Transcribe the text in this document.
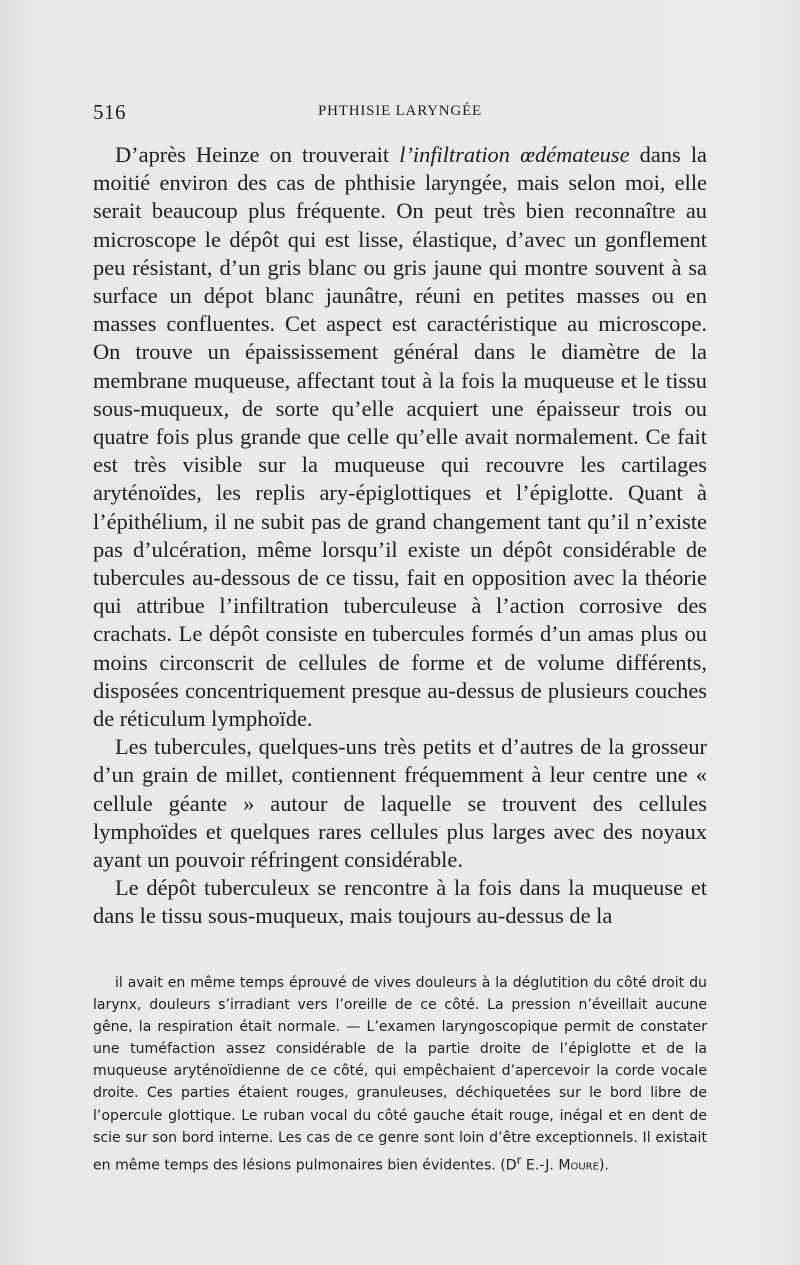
516	PHTHISIE LARYNGÉE

D’après Heinze on trouverait l’infiltration œdémateuse dans la moitié environ des cas de phthisie laryngée, mais selon moi, elle serait beaucoup plus fréquente. On peut très bien reconnaître au microscope le dépôt qui est lisse, élastique, d’avec un gonflement peu résistant, d’un gris blanc ou gris jaune qui montre souvent à sa surface un dépot blanc jaunâtre, réuni en petites masses ou en masses confluentes. Cet aspect est caractéristique au microscope. On trouve un épaississement général dans le diamètre de la membrane muqueuse, affectant tout à la fois la muqueuse et le tissu sous-muqueux, de sorte qu’elle acquiert une épaisseur trois ou quatre fois plus grande que celle qu’elle avait normalement. Ce fait est très visible sur la muqueuse qui recouvre les cartilages aryténoïdes, les replis ary-épiglottiques et l’épiglotte. Quant à l’épithélium, il ne subit pas de grand changement tant qu’il n’existe pas d’ulcération, même lorsqu’il existe un dépôt considérable de tubercules au-dessous de ce tissu, fait en opposition avec la théorie qui attribue l’infiltration tuberculeuse à l’action corrosive des crachats. Le dépôt consiste en tubercules formés d’un amas plus ou moins circonscrit de cellules de forme et de volume différents, disposées concentriquement presque au-dessus de plusieurs couches de réticulum lymphoïde.

Les tubercules, quelques-uns très petits et d’autres de la grosseur d’un grain de millet, contiennent fréquemment à leur centre une « cellule géante » autour de laquelle se trouvent des cellules lymphoïdes et quelques rares cellules plus larges avec des noyaux ayant un pouvoir réfringent considérable.

Le dépôt tuberculeux se rencontre à la fois dans la muqueuse et dans le tissu sous-muqueux, mais toujours au-dessus de la

il avait en même temps éprouvé de vives douleurs à la déglutition du côté droit du larynx, douleurs s’irradiant vers l’oreille de ce côté. La pression n’éveillait aucune gêne, la respiration était normale. — L’examen laryngoscopique permit de constater une tuméfaction assez considérable de la partie droite de l’épiglotte et de la muqueuse aryténoïdienne de ce côté, qui empêchaient d’apercevoir la corde vocale droite. Ces parties étaient rouges, granuleuses, déchiquetées sur le bord libre de l’opercule glottique. Le ruban vocal du côté gauche était rouge, inégal et en dent de scie sur son bord interne. Les cas de ce genre sont loin d’être exceptionnels. Il existait en même temps des lésions pulmonaires bien évidentes. ($D^r$ E.-J. Moure).
